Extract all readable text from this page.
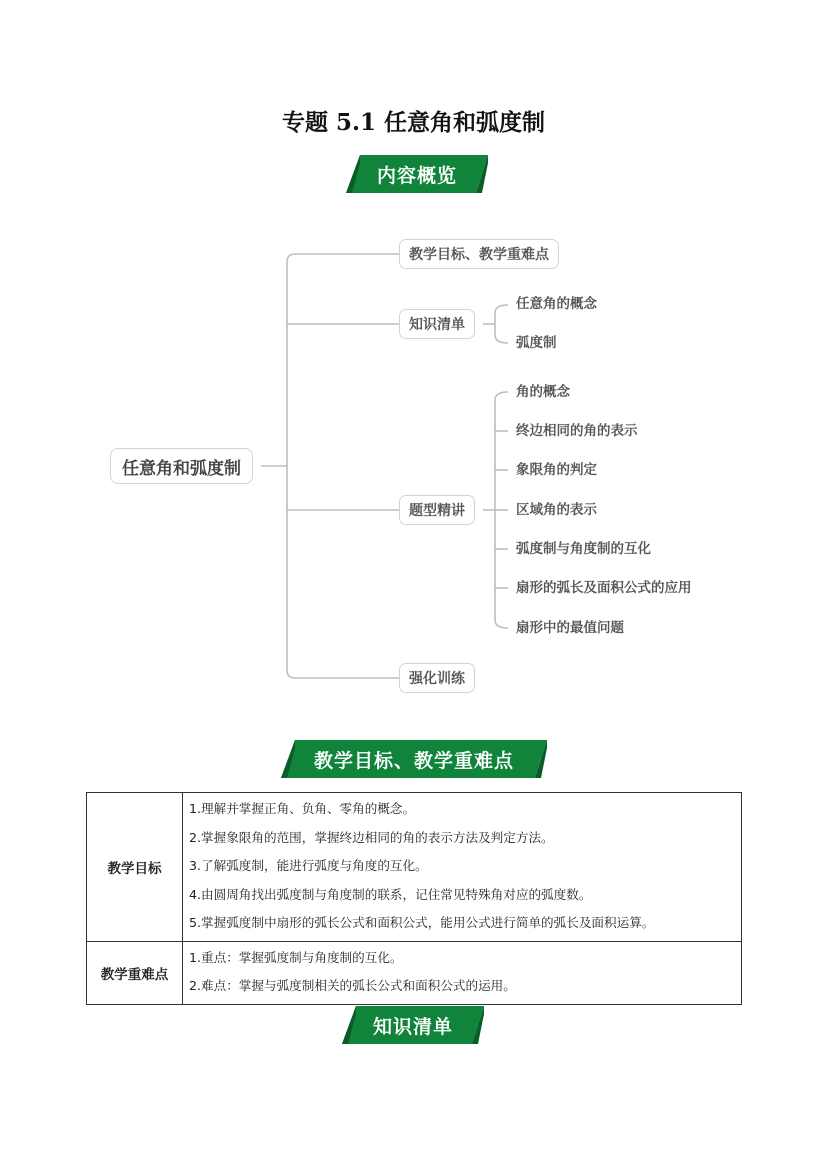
专题 5.1 任意角和弧度制
内容概览
任意角和弧度制
教学目标、教学重难点
知识清单
题型精讲
强化训练
任意角的概念
弧度制
角的概念
终边相同的角的表示
象限角的判定
区域角的表示
弧度制与角度制的互化
扇形的弧长及面积公式的应用
扇形中的最值问题
教学目标、教学重难点
教学目标	1.理解并掌握正角、负角、零角的概念。
2.掌握象限角的范围，掌握终边相同的角的表示方法及判定方法。
3.了解弧度制，能进行弧度与角度的互化。
4.由圆周角找出弧度制与角度制的联系，记住常见特殊角对应的弧度数。
5.掌握弧度制中扇形的弧长公式和面积公式，能用公式进行简单的弧长及面积运算。

教学重难点	1.重点：掌握弧度制与角度制的互化。
2.难点：掌握与弧度制相关的弧长公式和面积公式的运用。
知识清单
